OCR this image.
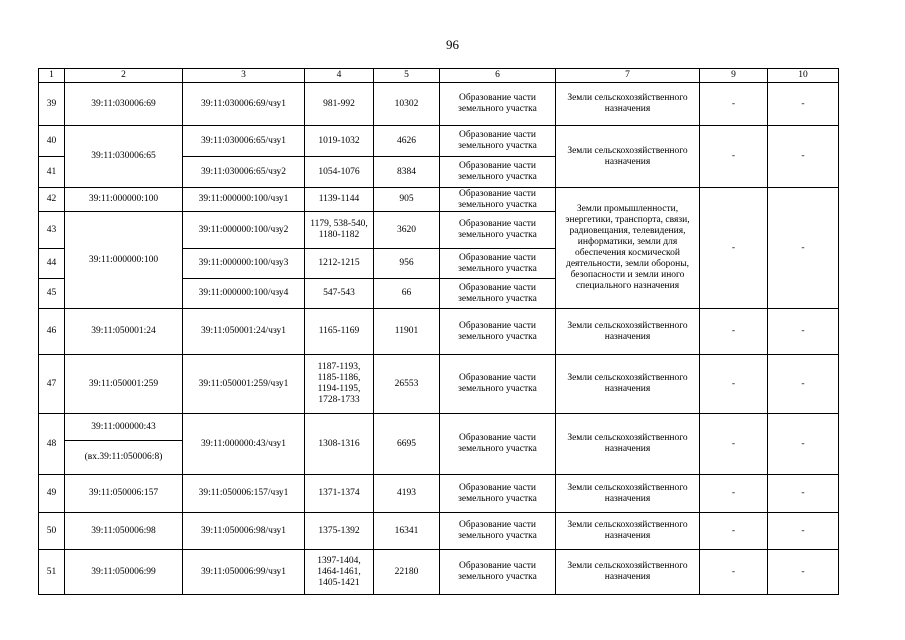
96
1	2	3	4	5	6	7	9	10
39	39:11:030006:69	39:11:030006:69/чзу1	981-992	10302	Образование части земельного участка	Земли сельскохозяйственного назначения	-	-
40	39:11:030006:65	39:11:030006:65/чзу1	1019-1032	4626	Образование части земельного участка	Земли сельскохозяйственного назначения	-	-
41		39:11:030006:65/чзу2	1054-1076	8384	Образование части земельного участка			
42	39:11:000000:100	39:11:000000:100/чзу1	1139-1144	905	Образование части земельного участка	Земли промышленности, энергетики, транспорта, связи, радиовещания, телевидения, информатики, земли для обеспечения космической деятельности, земли обороны, безопасности и земли иного специального назначения	-	-
43	39:11:000000:100	39:11:000000:100/чзу2	1179, 538-540, 1180-1182	3620	Образование части земельного участка			
44		39:11:000000:100/чзу3	1212-1215	956	Образование части земельного участка			
45		39:11:000000:100/чзу4	547-543	66	Образование части земельного участка			
46	39:11:050001:24	39:11:050001:24/чзу1	1165-1169	11901	Образование части земельного участка	Земли сельскохозяйственного назначения	-	-
47	39:11:050001:259	39:11:050001:259/чзу1	1187-1193, 1185-1186, 1194-1195, 1728-1733	26553	Образование части земельного участка	Земли сельскохозяйственного назначения	-	-
48	39:11:000000:43	39:11:000000:43/чзу1	1308-1316	6695	Образование части земельного участка	Земли сельскохозяйственного назначения	-	-
	(вх.39:11:050006:8)							
49	39:11:050006:157	39:11:050006:157/чзу1	1371-1374	4193	Образование части земельного участка	Земли сельскохозяйственного назначения	-	-
50	39:11:050006:98	39:11:050006:98/чзу1	1375-1392	16341	Образование части земельного участка	Земли сельскохозяйственного назначения	-	-
51	39:11:050006:99	39:11:050006:99/чзу1	1397-1404, 1464-1461, 1405-1421	22180	Образование части земельного участка	Земли сельскохозяйственного назначения	-	-
